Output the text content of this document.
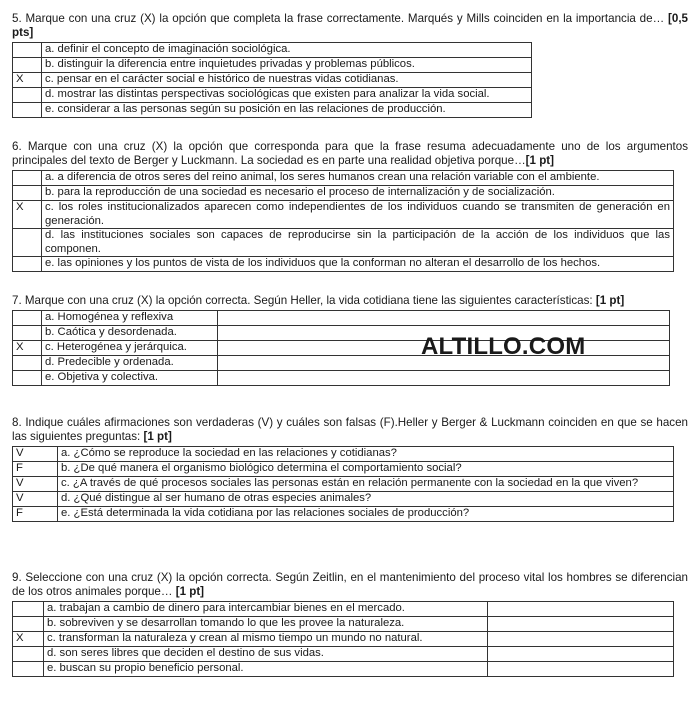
5. Marque con una cruz (X) la opción que completa la frase correctamente. Marqués y Mills coinciden en la importancia de… [0,5 pts]

	a. definir el concepto de imaginación sociológica.
	b. distinguir la diferencia entre inquietudes privadas y problemas públicos.
X	c. pensar en el carácter social e histórico de nuestras vidas cotidianas.
	d. mostrar las distintas perspectivas sociológicas que existen para analizar la vida social.
	e. considerar a las personas según su posición en las relaciones de producción.

6. Marque con una cruz (X) la opción que corresponda para que la frase resuma adecuadamente uno de los argumentos principales del texto de Berger y Luckmann. La sociedad es en parte una realidad objetiva porque…[1 pt]

	a. a diferencia de otros seres del reino animal, los seres humanos crean una relación variable con el ambiente.
	b. para la reproducción de una sociedad es necesario el proceso de internalización y de socialización.
X	c. los roles institucionalizados aparecen como independientes de los individuos cuando se transmiten de generación en generación.
	d. las instituciones sociales son capaces de reproducirse sin la participación de la acción de los individuos que las componen.
	e. las opiniones y los puntos de vista de los individuos que la conforman no alteran el desarrollo de los hechos.

7. Marque con una cruz (X) la opción correcta. Según Heller, la vida cotidiana tiene las siguientes características: [1 pt]

	a. Homogénea y reflexiva	
	b. Caótica y desordenada.	
X	c. Heterogénea y jerárquica.	
	d. Predecible y ordenada.	
	e. Objetiva y colectiva.	
ALTILLO.COM

8. Indique cuáles afirmaciones son verdaderas (V) y cuáles son falsas (F).Heller y Berger & Luckmann coinciden en que se hacen las siguientes preguntas: [1 pt]

V	a. ¿Cómo se reproduce la sociedad en las relaciones y cotidianas?
F	b. ¿De qué manera el organismo biológico determina el comportamiento social?
V	c. ¿A través de qué procesos sociales las personas están en relación permanente con la sociedad en la que viven?
V	d. ¿Qué distingue al ser humano de otras especies animales?
F	e. ¿Está determinada la vida cotidiana por las relaciones sociales de producción?

9. Seleccione con una cruz (X) la opción correcta. Según Zeitlin, en el mantenimiento del proceso vital los hombres se diferencian de los otros animales porque… [1 pt]

	a. trabajan a cambio de dinero para intercambiar bienes en el mercado.	
	b. sobreviven y se desarrollan tomando lo que les provee la naturaleza.	
X	c. transforman la naturaleza y crean al mismo tiempo un mundo no natural.	
	d. son seres libres que deciden el destino de sus vidas.	
	e. buscan su propio beneficio personal.	
